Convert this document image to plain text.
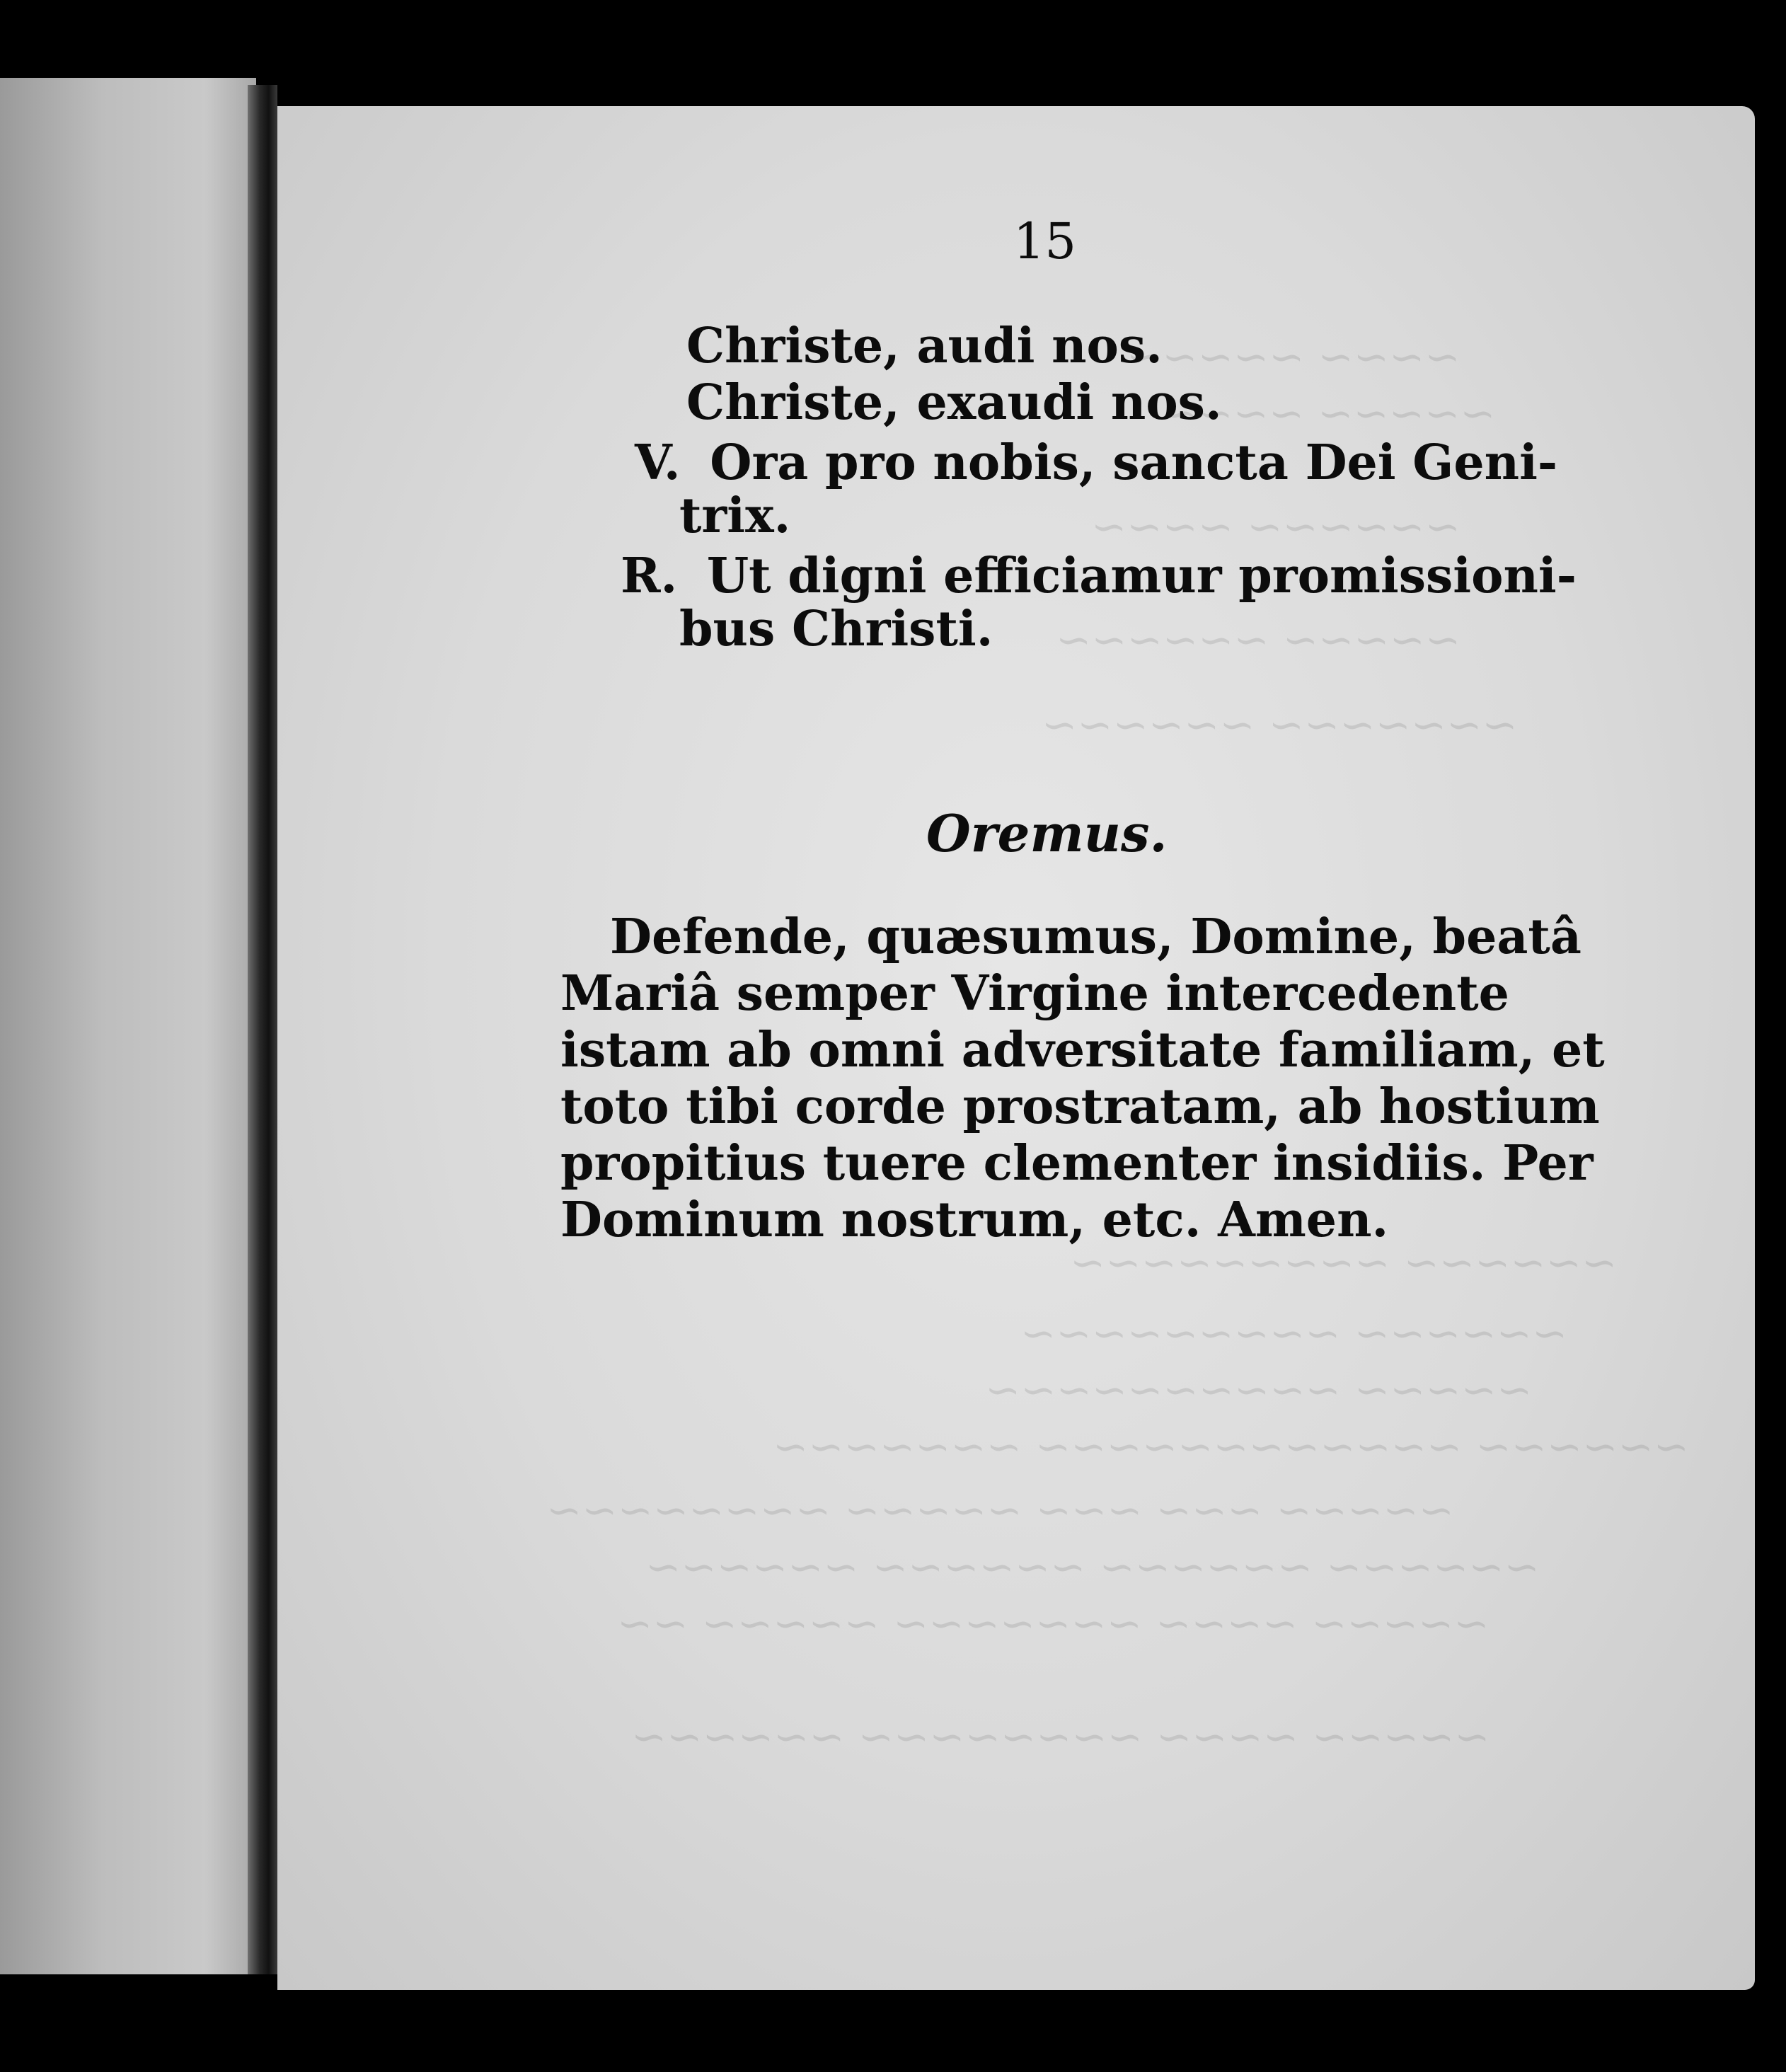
~~~~ ~~~~~
~~~~~ ~~~~
~~~~~~ ~~~~
~~~~~ ~~~~~~
~~~~~~~ ~~~~~~
~~~~~~ ~~~~~~~~~
~~~~~~ ~~~~~~~~~
~~~~~ ~~~~~~~~~~
~~~~~~ ~~~~~~~~~~~~ ~~~~~~~
~~~~~ ~~~ ~~~ ~~~~~ ~~~~~~~~
~~~~~~ ~~~~~~ ~~~~~~ ~~~~~~
~~~~~ ~~~~ ~~~~~~~ ~~~~~ ~~
~~~~~ ~~~~ ~~~~~~~~ ~~~~~~
15
Christe, audi nos.
Christe, exaudi nos.
V. Ora pro nobis, sancta Dei Geni-
trix.
R. Ut digni efficiamur promissioni-
bus Christi.
Oremus.
Defende, quæsumus, Domine, beatâ
Mariâ semper Virgine intercedente
istam ab omni adversitate familiam, et
toto tibi corde prostratam, ab hostium
propitius tuere clementer insidiis. Per
Dominum nostrum, etc. Amen.
